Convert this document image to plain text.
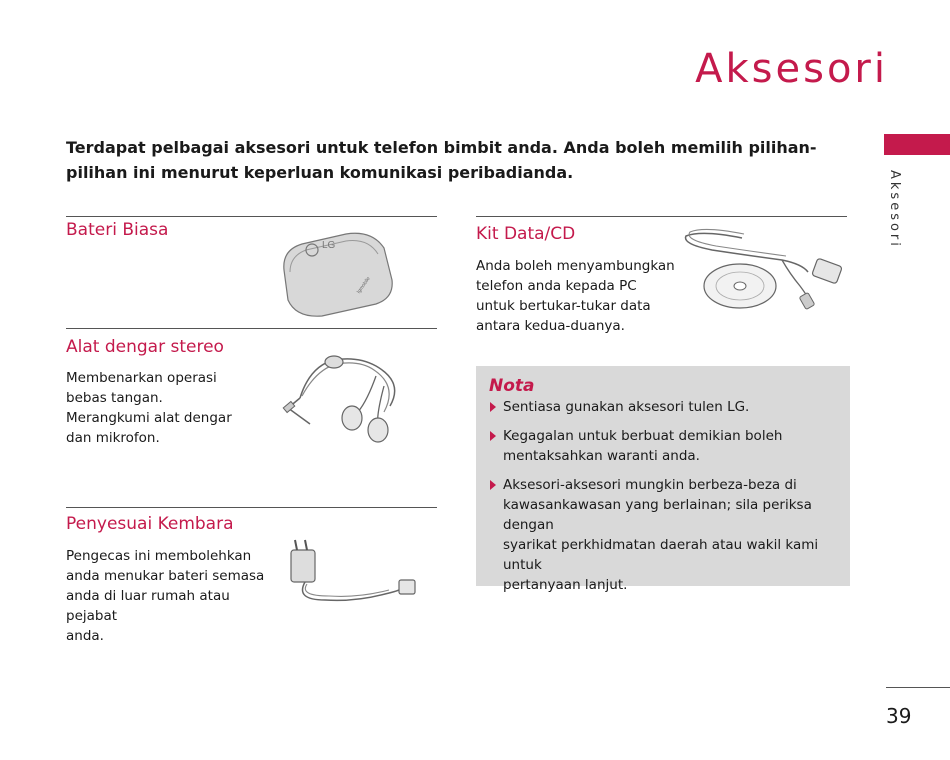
Aksesori
Aksesori
Terdapat pelbagai aksesori untuk telefon bimbit anda. Anda boleh memilih pilihan-pilihan ini menurut keperluan komunikasi peribadianda.
Bateri Biasa
LG
lgmobile
Alat dengar stereo
Membenarkan operasi
bebas tangan.
Merangkumi alat dengar
dan mikrofon.
Penyesuai Kembara
Pengecas ini membolehkan
anda menukar bateri semasa
anda di luar rumah atau pejabat
anda.
Kit Data/CD
Anda boleh menyambungkan
telefon anda kepada PC
untuk bertukar-tukar data
antara kedua-duanya.
Nota
Sentiasa gunakan aksesori tulen LG.
Kegagalan untuk berbuat demikian boleh
mentaksahkan waranti anda.
Aksesori-aksesori mungkin berbeza-beza di
kawasankawasan yang berlainan; sila periksa dengan
syarikat perkhidmatan daerah atau wakil kami untuk
pertanyaan lanjut.
39
